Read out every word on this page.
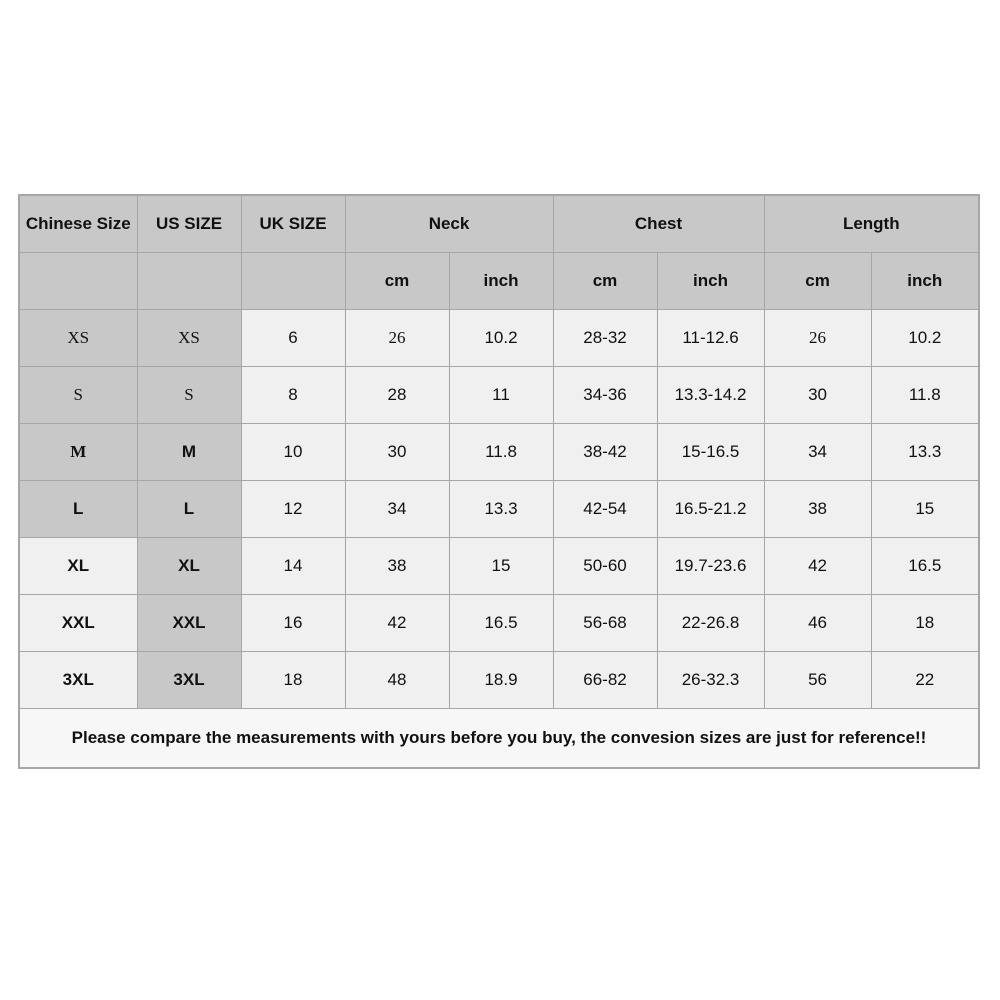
Chinese Size	US SIZE	UK SIZE	Neck		Chest		Length	
			cm	inch	cm	inch	cm	inch
XS	XS	6	26	10.2	28-32	11-12.6	26	10.2
S	S	8	28	11	34-36	13.3-14.2	30	11.8
M	M	10	30	11.8	38-42	15-16.5	34	13.3
L	L	12	34	13.3	42-54	16.5-21.2	38	15
XL	XL	14	38	15	50-60	19.7-23.6	42	16.5
XXL	XXL	16	42	16.5	56-68	22-26.8	46	18
3XL	3XL	18	48	18.9	66-82	26-32.3	56	22
Please compare the measurements with yours before you buy, the convesion sizes are just for reference!!								
